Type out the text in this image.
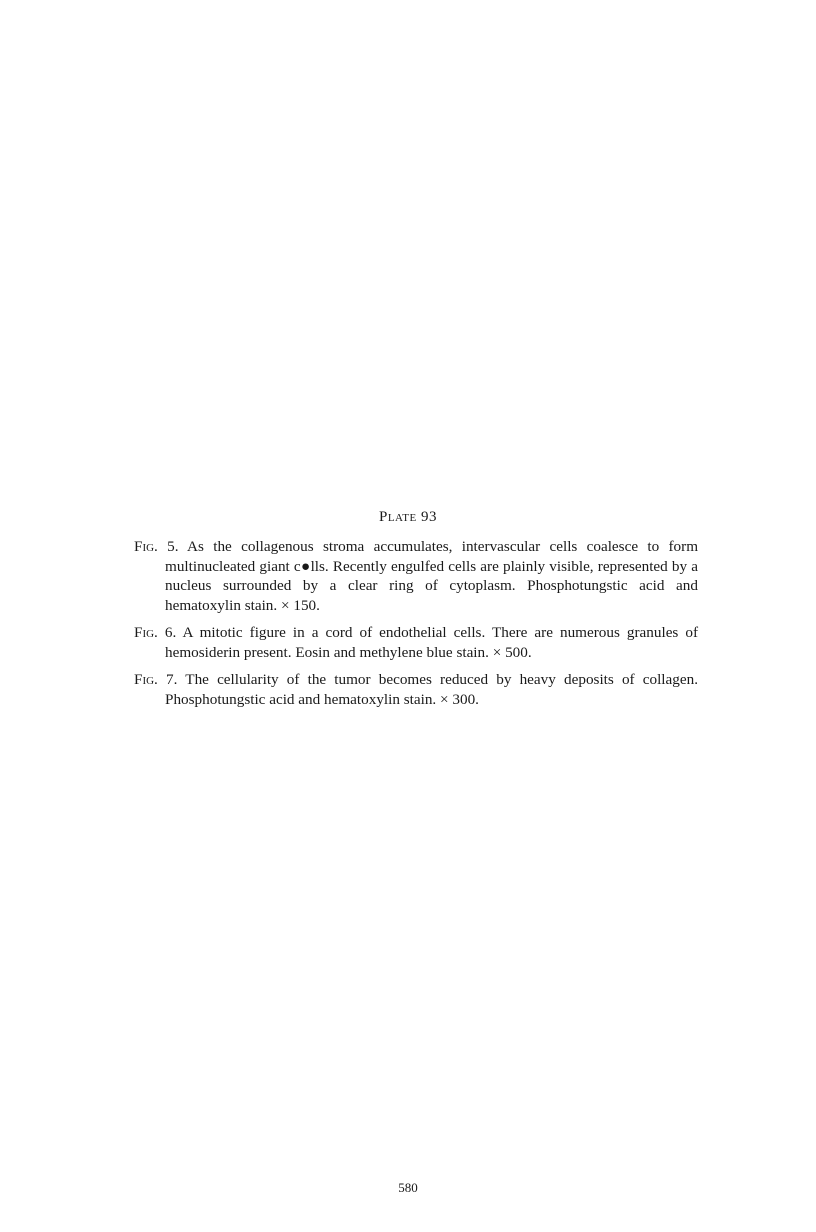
Plate 93

Fig. 5. As the collagenous stroma accumulates, intervascular cells coalesce to form multinucleated giant c●lls. Recently engulfed cells are plainly visible, represented by a nucleus surrounded by a clear ring of cytoplasm. Phosphotungstic acid and hematoxylin stain. × 150.

Fig. 6. A mitotic figure in a cord of endothelial cells. There are numerous granules of hemosiderin present. Eosin and methylene blue stain. × 500.

Fig. 7. The cellularity of the tumor becomes reduced by heavy deposits of collagen. Phosphotungstic acid and hematoxylin stain. × 300.

580
